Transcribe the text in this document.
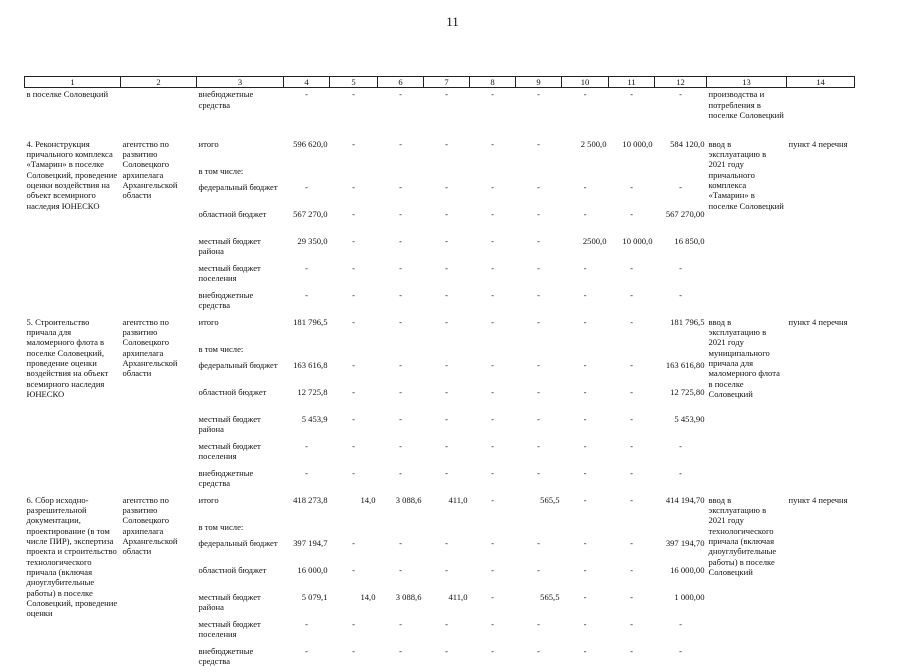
11
1	2	3	4	5	6	7	8	9	10	11	12	13	14
в поселке Соловецкий		внебюджетные средства	-	-	-	-	-	-	-	-	-	производства и потребления в поселке Соловецкий	
4. Реконструкция причального комплекса «Тамарин» в поселке Соловецкий, проведение оценки воздействия на объект всемирного наследия ЮНЕСКО	агентство по развитию Соловецкого архипелага Архангельской области	итого	596 620,0	-	-	-	-	-	2 500,0	10 000,0	584 120,0	ввод в эксплуатацию в 2021 году причального комплекса «Тамарин» в поселке Соловецкий	пункт 4 перечня
		в том числе:											
		федеральный бюджет	-	-	-	-	-	-	-	-	-		
		областной бюджет	567 270,0	-	-	-	-	-	-	-	567 270,00		
		местный бюджет района	29 350,0	-	-	-	-	-	2500,0	10 000,0	16 850,0		
		местный бюджет поселения	-	-	-	-	-	-	-	-	-		
		внебюджетные средства	-	-	-	-	-	-	-	-	-		
5. Строительство причала для маломерного флота в поселке Соловецкий, проведение оценки воздействия на объект всемирного наследия ЮНЕСКО	агентство по развитию Соловецкого архипелага Архангельской области	итого	181 796,5	-	-	-	-	-	-	-	181 796,5	ввод в эксплуатацию в 2021 году муниципального причала для маломерного флота в поселке Соловецкий	пункт 4 перечня
		в том числе:											
		федеральный бюджет	163 616,8	-	-	-	-	-	-	-	163 616,80		
		областной бюджет	12 725,8	-	-	-	-	-	-	-	12 725,80		
		местный бюджет района	5 453,9	-	-	-	-	-	-	-	5 453,90		
		местный бюджет поселения	-	-	-	-	-	-	-	-	-		
		внебюджетные средства	-	-	-	-	-	-	-	-	-		
6. Сбор исходно-разрешительной документации, проектирование (в том числе ПИР), экспертиза проекта и строительство технологического причала (включая дноуглубительные работы) в поселке Соловецкий, проведение оценки	агентство по развитию Соловецкого архипелага Архангельской области	итого	418 273,8	14,0	3 088,6	411,0	-	565,5	-	-	414 194,70	ввод в эксплуатацию в 2021 году технологического причала (включая дноуглубительные работы) в поселке Соловецкий	пункт 4 перечня
		в том числе:											
		федеральный бюджет	397 194,7	-	-	-	-	-	-	-	397 194,70		
		областной бюджет	16 000,0	-	-	-	-	-	-	-	16 000,00		
		местный бюджет района	5 079,1	14,0	3 088,6	411,0	-	565,5	-	-	1 000,00		
		местный бюджет поселения	-	-	-	-	-	-	-	-	-		
		внебюджетные средства	-	-	-	-	-	-	-	-	-		
